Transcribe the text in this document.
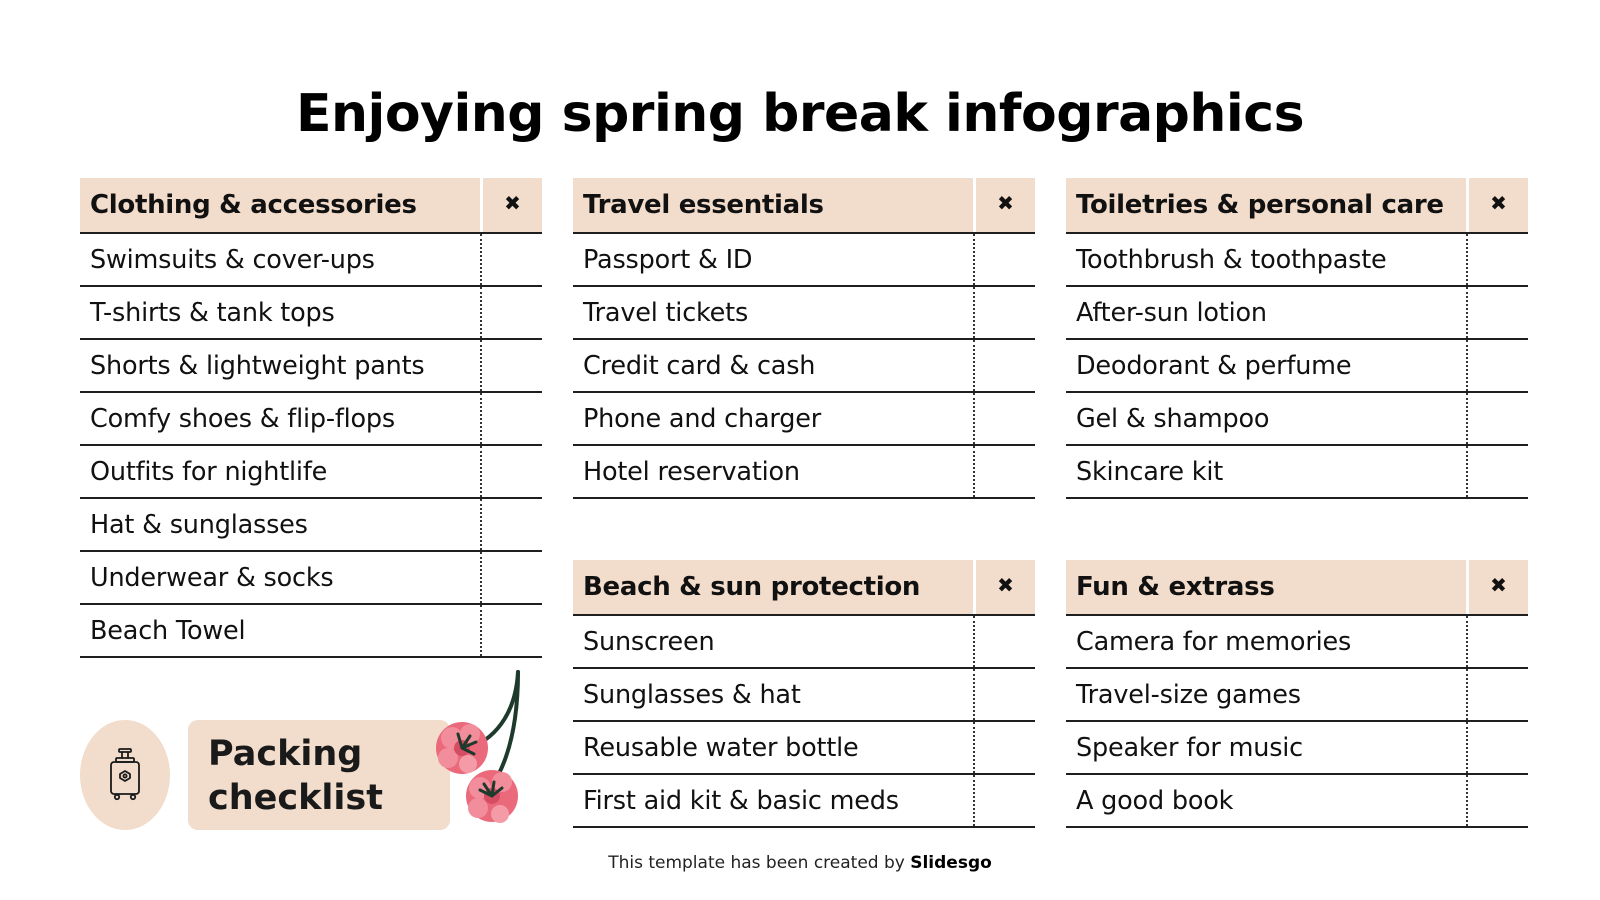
Enjoying spring break infographics
Clothing & accessories	✖
Swimsuits & cover-ups
T-shirts & tank tops
Shorts & lightweight pants
Comfy shoes & flip-flops
Outfits for nightlife
Hat & sunglasses
Underwear & socks
Beach Towel
Travel essentials	✖
Passport & ID
Travel tickets
Credit card & cash
Phone and charger
Hotel reservation
Toiletries & personal care	✖
Toothbrush & toothpaste
After-sun lotion
Deodorant & perfume
Gel & shampoo
Skincare kit
Beach & sun protection	✖
Sunscreen
Sunglasses & hat
Reusable water bottle
First aid kit & basic meds
Fun & extrass	✖
Camera for memories
Travel-size games
Speaker for music
A good book
Packing checklist
This template has been created by Slidesgo
